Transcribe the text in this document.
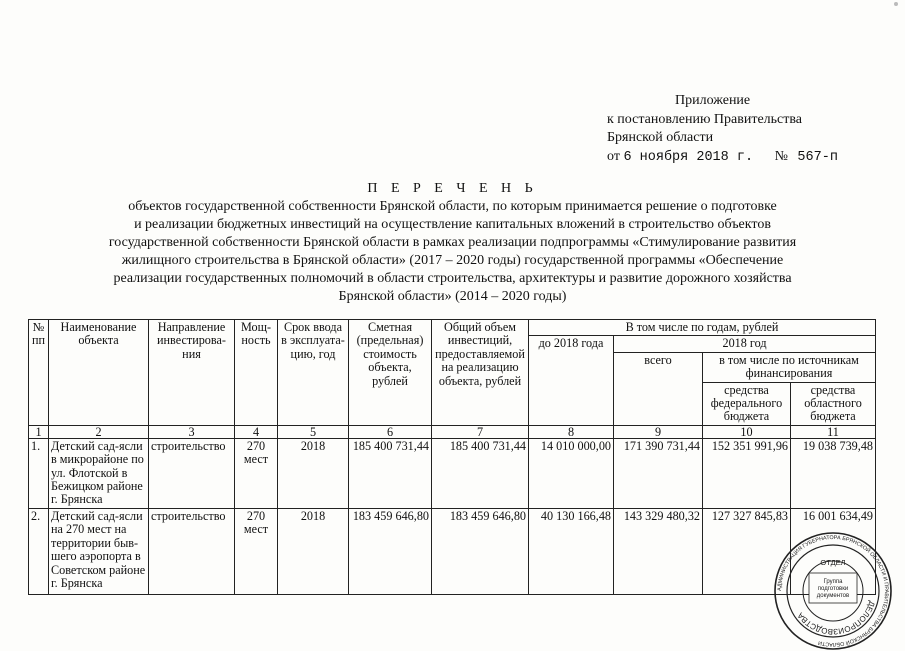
Приложение
к постановлению Правительства
Брянской области
от 6 ноября 2018 г. № 567-п
П Е Р Е Ч Е Н Ь
объектов государственной собственности Брянской области, по которым принимается решение о подготовке
и реализации бюджетных инвестиций на осуществление капитальных вложений в строительство объектов
государственной собственности Брянской области в рамках реализации подпрограммы «Стимулирование развития
жилищного строительства в Брянской области» (2017 – 2020 годы) государственной программы «Обеспечение
реализации государственных полномочий в области строительства, архитектуры и развитие дорожного хозяйства
Брянской области» (2014 – 2020 годы)
№ пп	Наименование объекта	Направление инвестирова-ния	Мощ-ность	Срок ввода в эксплуата-цию, год	Сметная (предельная) стоимость объекта, рублей	Общий объем инвестиций, предоставляемой на реализацию объекта, рублей	В том числе по годам, рублей			
							до 2018 года	2018 год		
								всего	в том числе по источникам финансирования	
									средства федерального бюджета	средства областного бюджета
1	2	3	4	5	6	7	8	9	10	11
1.	Детский сад-ясли в микрорайоне по ул. Флотской в Бежицком районе г. Брянска	строительство	270 мест	2018	185 400 731,44	185 400 731,44	14 010 000,00	171 390 731,44	152 351 991,96	19 038 739,48
2.	Детский сад-ясли на 270 мест на территории быв-шего аэропорта в Советском районе г. Брянска	строительство	270 мест	2018	183 459 646,80	183 459 646,80	40 130 166,48	143 329 480,32	127 327 845,83	16 001 634,49
АДМИНИСТРАЦИЯ ГУБЕРНАТОРА БРЯНСКОЙ ОБЛАСТИ И ПРАВИТЕЛЬСТВА БРЯНСКОЙ ОБЛАСТИ
ДЕЛОПРОИЗВОДСТВА
ОТДЕЛ
Группа подготовки документов
